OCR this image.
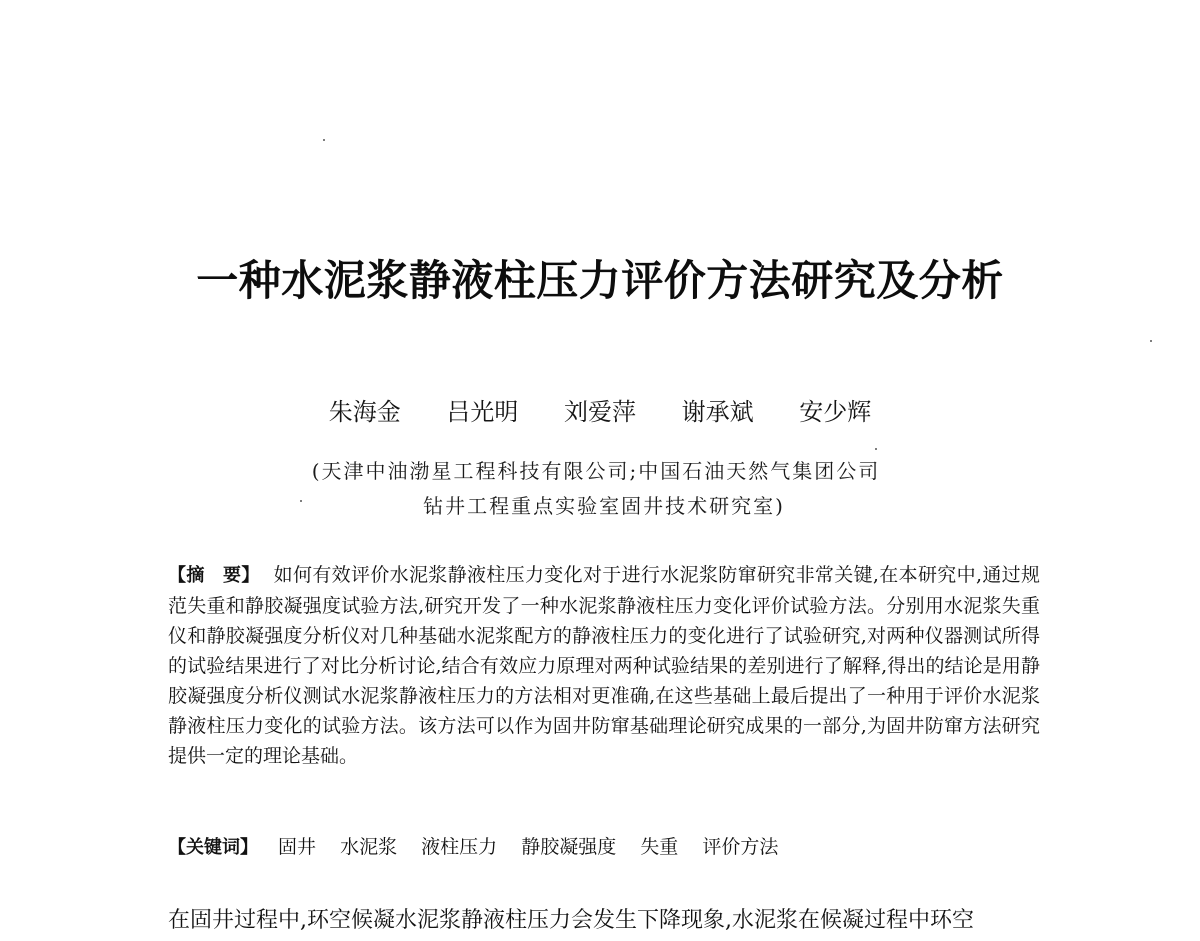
一种水泥浆静液柱压力评价方法研究及分析
朱海金 吕光明 刘爱萍 谢承斌 安少辉
(天津中油渤星工程科技有限公司;中国石油天然气集团公司
钻井工程重点实验室固井技术研究室)
【摘　要】 如何有效评价水泥浆静液柱压力变化对于进行水泥浆防窜研究非常关键,在本研究中,通过规范失重和静胶凝强度试验方法,研究开发了一种水泥浆静液柱压力变化评价试验方法。分别用水泥浆失重仪和静胶凝强度分析仪对几种基础水泥浆配方的静液柱压力的变化进行了试验研究,对两种仪器测试所得的试验结果进行了对比分析讨论,结合有效应力原理对两种试验结果的差别进行了解释,得出的结论是用静胶凝强度分析仪测试水泥浆静液柱压力的方法相对更准确,在这些基础上最后提出了一种用于评价水泥浆静液柱压力变化的试验方法。该方法可以作为固井防窜基础理论研究成果的一部分,为固井防窜方法研究提供一定的理论基础。
【关键词】 固井 水泥浆 液柱压力 静胶凝强度 失重 评价方法
在固井过程中,环空候凝水泥浆静液柱压力会发生下降现象,水泥浆在候凝过程中环空
